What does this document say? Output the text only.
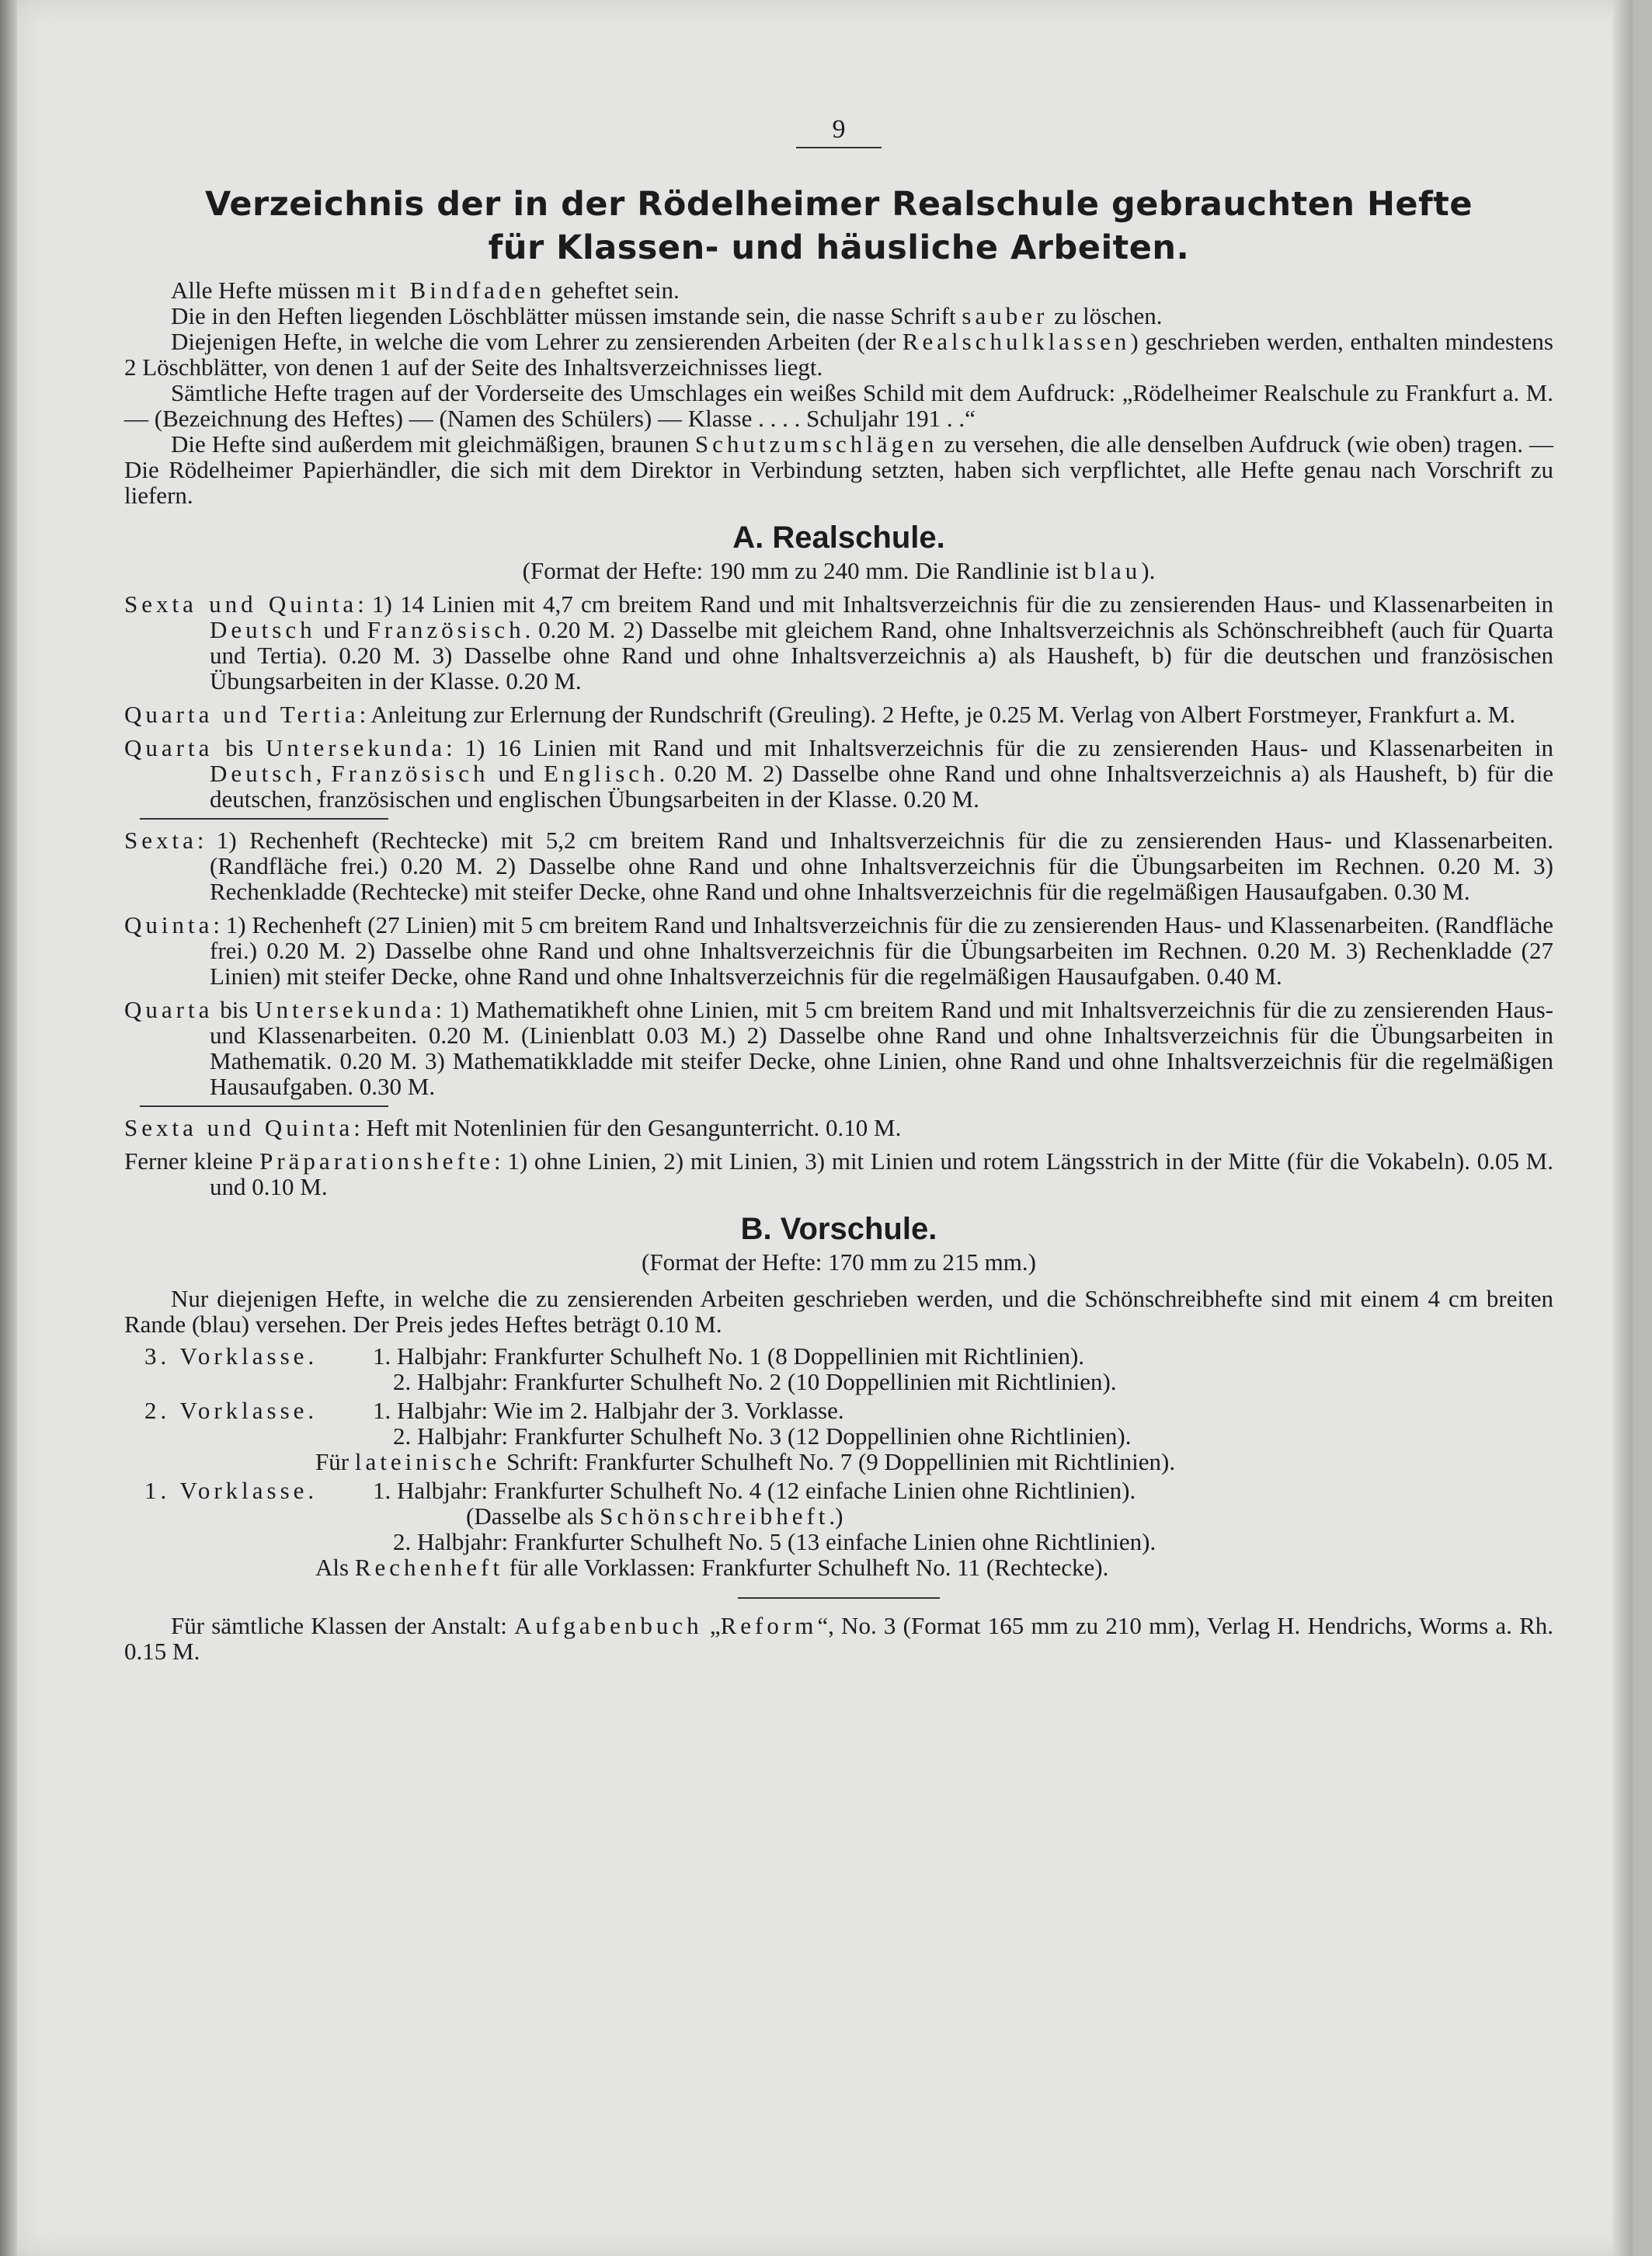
9
Verzeichnis der in der Rödelheimer Realschule gebrauchten Hefte
für Klassen- und häusliche Arbeiten.

Alle Hefte müssen mit Bindfaden geheftet sein.

Die in den Heften liegenden Löschblätter müssen imstande sein, die nasse Schrift sauber zu löschen.

Diejenigen Hefte, in welche die vom Lehrer zu zensierenden Arbeiten (der Realschulklassen) geschrieben werden, enthalten mindestens 2 Löschblätter, von denen 1 auf der Seite des Inhaltsverzeichnisses liegt.

Sämtliche Hefte tragen auf der Vorderseite des Umschlages ein weißes Schild mit dem Aufdruck: „Rödelheimer Realschule zu Frankfurt a. M. — (Bezeichnung des Heftes) — (Namen des Schülers) — Klasse . . . . Schuljahr 191 . .“

Die Hefte sind außerdem mit gleichmäßigen, braunen Schutzumschlägen zu versehen, die alle denselben Aufdruck (wie oben) tragen. — Die Rödelheimer Papierhändler, die sich mit dem Direktor in Verbindung setzten, haben sich verpflichtet, alle Hefte genau nach Vorschrift zu liefern.

A. Realschule.

(Format der Hefte: 190 mm zu 240 mm. Die Randlinie ist blau).

Sexta und Quinta: 1) 14 Linien mit 4,7 cm breitem Rand und mit Inhaltsverzeichnis für die zu zensierenden Haus- und Klassenarbeiten in Deutsch und Französisch. 0.20 M. 2) Dasselbe mit gleichem Rand, ohne Inhaltsverzeichnis als Schönschreibheft (auch für Quarta und Tertia). 0.20 M. 3) Dasselbe ohne Rand und ohne Inhaltsverzeichnis a) als Hausheft, b) für die deutschen und französischen Übungsarbeiten in der Klasse. 0.20 M.

Quarta und Tertia: Anleitung zur Erlernung der Rundschrift (Greuling). 2 Hefte, je 0.25 M. Verlag von Albert Forstmeyer, Frankfurt a. M.

Quarta bis Untersekunda: 1) 16 Linien mit Rand und mit Inhaltsverzeichnis für die zu zensierenden Haus- und Klassenarbeiten in Deutsch, Französisch und Englisch. 0.20 M. 2) Dasselbe ohne Rand und ohne Inhaltsverzeichnis a) als Hausheft, b) für die deutschen, französischen und englischen Übungsarbeiten in der Klasse. 0.20 M.

Sexta: 1) Rechenheft (Rechtecke) mit 5,2 cm breitem Rand und Inhaltsverzeichnis für die zu zensierenden Haus- und Klassenarbeiten. (Randfläche frei.) 0.20 M. 2) Dasselbe ohne Rand und ohne Inhaltsverzeichnis für die Übungsarbeiten im Rechnen. 0.20 M. 3) Rechenkladde (Rechtecke) mit steifer Decke, ohne Rand und ohne Inhaltsverzeichnis für die regelmäßigen Hausaufgaben. 0.30 M.

Quinta: 1) Rechenheft (27 Linien) mit 5 cm breitem Rand und Inhaltsverzeichnis für die zu zensierenden Haus- und Klassenarbeiten. (Randfläche frei.) 0.20 M. 2) Dasselbe ohne Rand und ohne Inhaltsverzeichnis für die Übungsarbeiten im Rechnen. 0.20 M. 3) Rechenkladde (27 Linien) mit steifer Decke, ohne Rand und ohne Inhaltsverzeichnis für die regelmäßigen Hausaufgaben. 0.40 M.

Quarta bis Untersekunda: 1) Mathematikheft ohne Linien, mit 5 cm breitem Rand und mit Inhaltsverzeichnis für die zu zensierenden Haus- und Klassenarbeiten. 0.20 M. (Linienblatt 0.03 M.) 2) Dasselbe ohne Rand und ohne Inhaltsverzeichnis für die Übungsarbeiten in Mathematik. 0.20 M. 3) Mathematikkladde mit steifer Decke, ohne Linien, ohne Rand und ohne Inhaltsverzeichnis für die regelmäßigen Hausaufgaben. 0.30 M.

Sexta und Quinta: Heft mit Notenlinien für den Gesangunterricht. 0.10 M.

Ferner kleine Präparationshefte: 1) ohne Linien, 2) mit Linien, 3) mit Linien und rotem Längsstrich in der Mitte (für die Vokabeln). 0.05 M. und 0.10 M.

B. Vorschule.

(Format der Hefte: 170 mm zu 215 mm.)

Nur diejenigen Hefte, in welche die zu zensierenden Arbeiten geschrieben werden, und die Schönschreibhefte sind mit einem 4 cm breiten Rande (blau) versehen. Der Preis jedes Heftes beträgt 0.10 M.

3. Vorklasse.	1. Halbjahr: Frankfurter Schulheft No. 1 (8 Doppellinien mit Richtlinien).
2. Halbjahr: Frankfurter Schulheft No. 2 (10 Doppellinien mit Richtlinien).
2. Vorklasse.	1. Halbjahr: Wie im 2. Halbjahr der 3. Vorklasse.
2. Halbjahr: Frankfurter Schulheft No. 3 (12 Doppellinien ohne Richtlinien).
Für lateinische Schrift: Frankfurter Schulheft No. 7 (9 Doppellinien mit Richtlinien).
1. Vorklasse.	1. Halbjahr: Frankfurter Schulheft No. 4 (12 einfache Linien ohne Richtlinien).
(Dasselbe als Schönschreibheft.)
2. Halbjahr: Frankfurter Schulheft No. 5 (13 einfache Linien ohne Richtlinien).
Als Rechenheft für alle Vorklassen: Frankfurter Schulheft No. 11 (Rechtecke).

Für sämtliche Klassen der Anstalt: Aufgabenbuch „Reform“, No. 3 (Format 165 mm zu 210 mm), Verlag H. Hendrichs, Worms a. Rh. 0.15 M.
